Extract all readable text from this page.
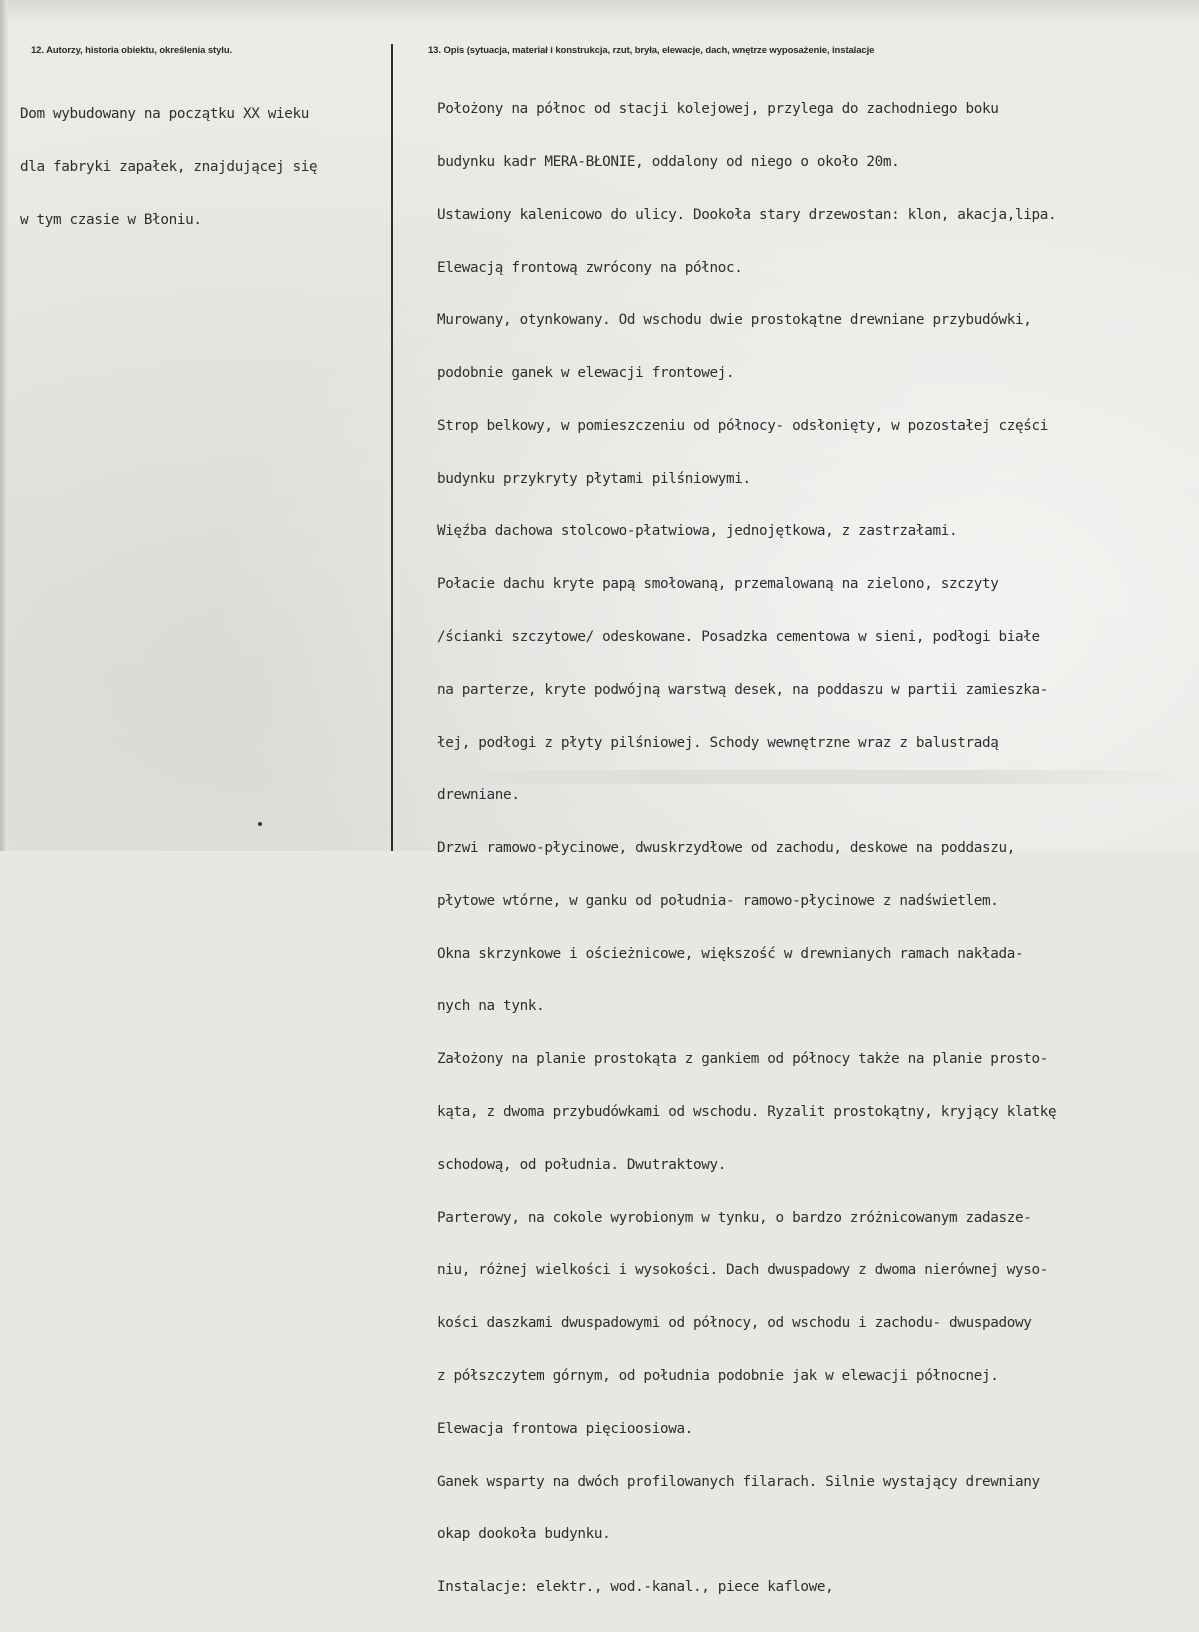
12. Autorzy, historia obiektu, określenia stylu.	13. Opis (sytuacja, materiał i konstrukcja, rzut, bryła, elewacje, dach, wnętrze wyposażenie, instalacje

Dom wybudowany na początku XX wieku

dla fabryki zapałek, znajdującej się

w tym czasie w Błoniu.

Położony na północ od stacji kolejowej, przylega do zachodniego boku

budynku kadr MERA-BŁONIE, oddalony od niego o około 20m.

Ustawiony kalenicowo do ulicy. Dookoła stary drzewostan: klon, akacja,lipa.

Elewacją frontową zwrócony na północ.

Murowany, otynkowany. Od wschodu dwie prostokątne drewniane przybudówki,

podobnie ganek w elewacji frontowej.

Strop belkowy, w pomieszczeniu od północy- odsłonięty, w pozostałej części

budynku przykryty płytami pilśniowymi.

Więźba dachowa stolcowo-płatwiowa, jednojętkowa, z zastrzałami.

Połacie dachu kryte papą smołowaną, przemalowaną na zielono, szczyty

/ścianki szczytowe/ odeskowane. Posadzka cementowa w sieni, podłogi białe

na parterze, kryte podwójną warstwą desek, na poddaszu w partii zamieszka-

łej, podłogi z płyty pilśniowej. Schody wewnętrzne wraz z balustradą

drewniane.

Drzwi ramowo-płycinowe, dwuskrzydłowe od zachodu, deskowe na poddaszu,

płytowe wtórne, w ganku od południa- ramowo-płycinowe z nadświetlem.

Okna skrzynkowe i ościeżnicowe, większość w drewnianych ramach nakłada-

nych na tynk.

Założony na planie prostokąta z gankiem od północy także na planie prosto-

kąta, z dwoma przybudówkami od wschodu. Ryzalit prostokątny, kryjący klatkę

schodową, od południa. Dwutraktowy.

Parterowy, na cokole wyrobionym w tynku, o bardzo zróżnicowanym zadaszе-

niu, różnej wielkości i wysokości. Dach dwuspadowy z dwoma nierównej wyso-

kości daszkami dwuspadowymi od północy, od wschodu i zachodu- dwuspadowy

z półszczytem górnym, od południa podobnie jak w elewacji północnej.

Elewacja frontowa pięcioosiowa.

Ganek wsparty na dwóch profilowanych filarach. Silnie wystający drewniany

okap dookoła budynku.

Instalacje: elektr., wod.-kanal., piece kaflowe,
